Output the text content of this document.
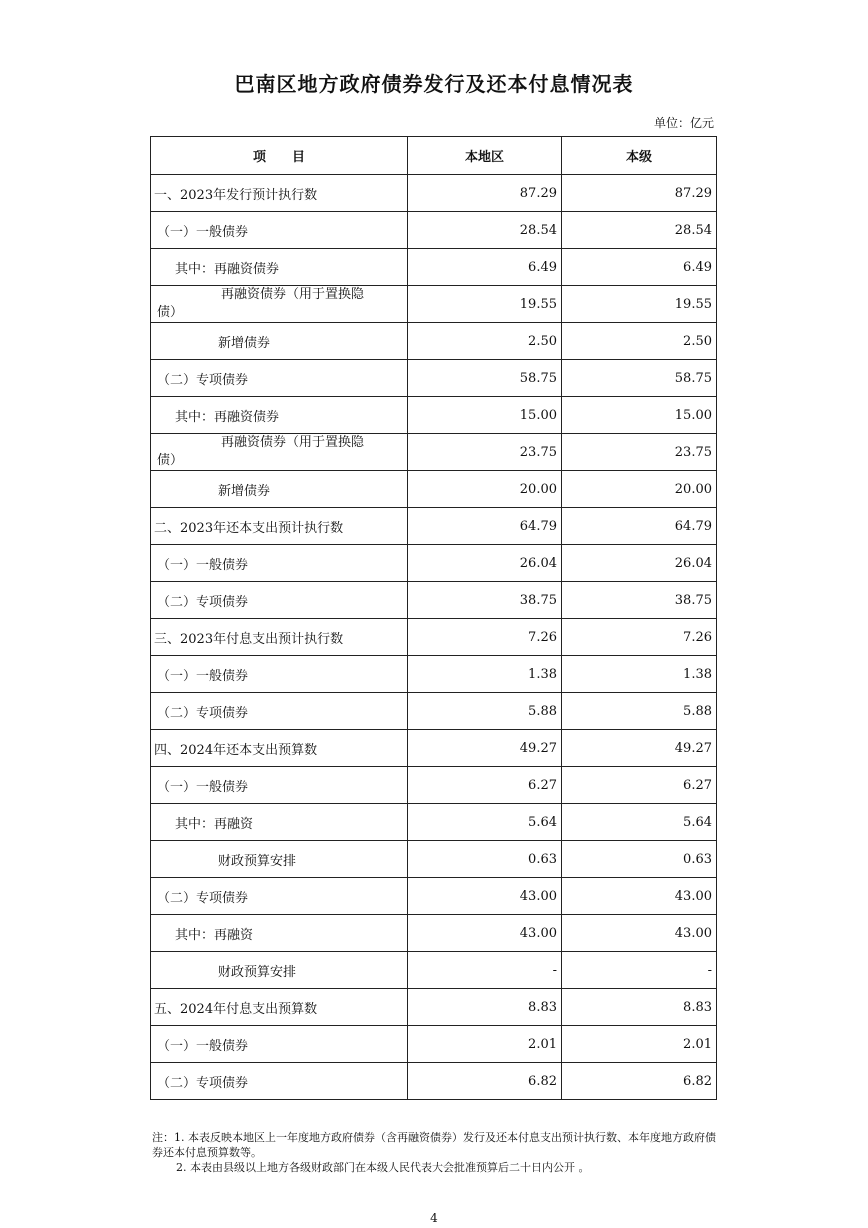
巴南区地方政府债券发行及还本付息情况表
单位：亿元
项　　目	本地区	本级
一、2023年发行预计执行数	87.29	87.29
（一）一般债券	28.54	28.54
其中：再融资债券	6.49	6.49

再融资债券（用于置换隐
债）	19.55	19.55
新增债券	2.50	2.50
（二）专项债券	58.75	58.75
其中：再融资债券	15.00	15.00

再融资债券（用于置换隐
债）	23.75	23.75
新增债券	20.00	20.00
二、2023年还本支出预计执行数	64.79	64.79
（一）一般债券	26.04	26.04
（二）专项债券	38.75	38.75
三、2023年付息支出预计执行数	7.26	7.26
（一）一般债券	1.38	1.38
（二）专项债券	5.88	5.88
四、2024年还本支出预算数	49.27	49.27
（一）一般债券	6.27	6.27
其中：再融资	5.64	5.64
财政预算安排	0.63	0.63
（二）专项债券	43.00	43.00
其中：再融资	43.00	43.00
财政预算安排	-	-
五、2024年付息支出预算数	8.83	8.83
（一）一般债券	2.01	2.01
（二）专项债券	6.82	6.82

注：1. 本表反映本地区上一年度地方政府债券（含再融资债券）发行及还本付息支出预计执行数、本年度地方政府债券还本付息预算数等。

2. 本表由县级以上地方各级财政部门在本级人民代表大会批准预算后二十日内公开 。

4
